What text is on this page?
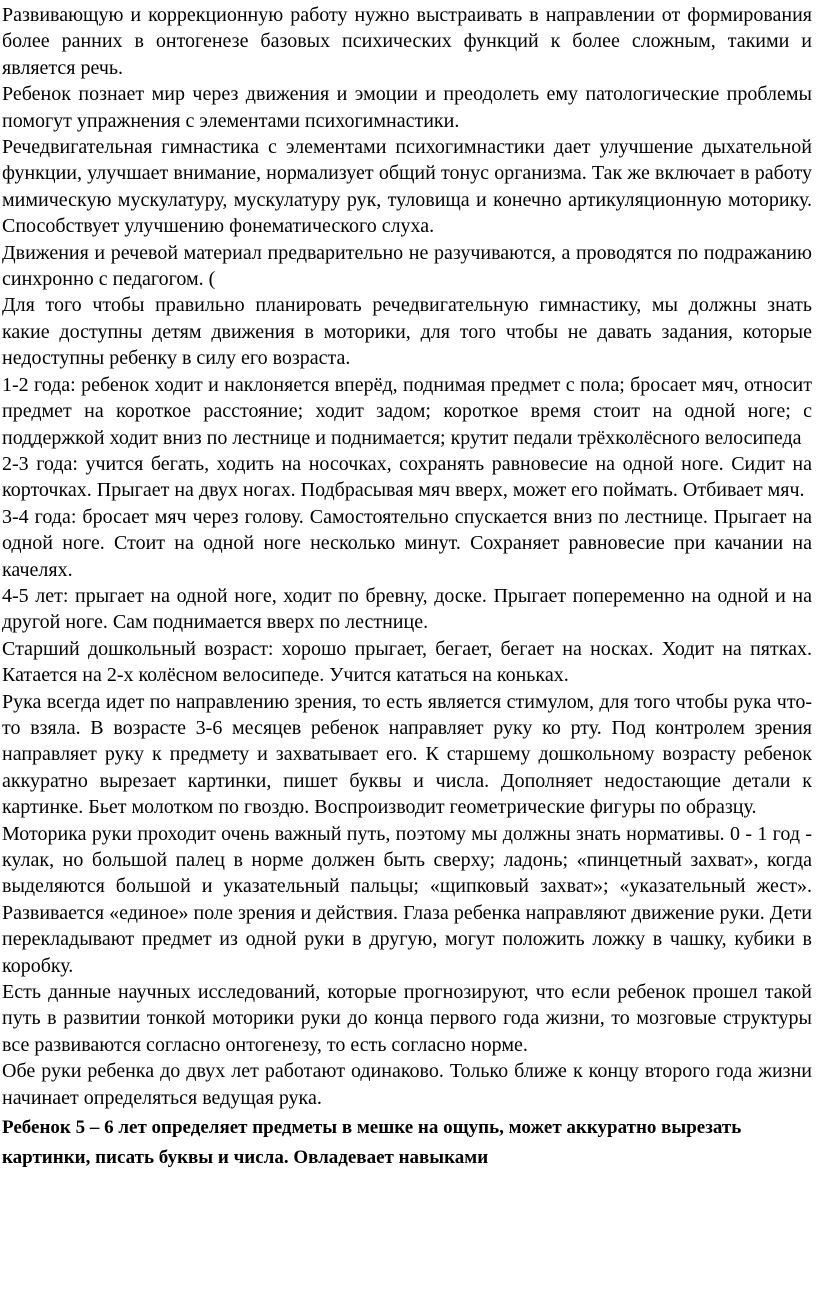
Развивающую и коррекционную работу нужно выстраивать в направлении от формирования более ранних в онтогенезе базовых психических функций к более сложным, такими и является речь.

Ребенок познает мир через движения и эмоции и преодолеть ему патологические проблемы помогут упражнения с элементами психогимнастики.

Речедвигательная гимнастика с элементами психогимнастики дает улучшение дыхательной функции, улучшает внимание, нормализует общий тонус организма. Так же включает в работу мимическую мускулатуру, мускулатуру рук, туловища и конечно артикуляционную моторику. Способствует улучшению фонематического слуха.

Движения и речевой материал предварительно не разучиваются, а проводятся по подражанию синхронно с педагогом. (

Для того чтобы правильно планировать речедвигательную гимнастику, мы должны знать какие доступны детям движения в моторики, для того чтобы не давать задания, которые недоступны ребенку в силу его возраста.

1-2 года: ребенок ходит и наклоняется вперёд, поднимая предмет с пола; бросает мяч, относит предмет на короткое расстояние; ходит задом; короткое время стоит на одной ноге; с поддержкой ходит вниз по лестнице и поднимается; крутит педали трёхколёсного велосипеда

2-3 года: учится бегать, ходить на носочках, сохранять равновесие на одной ноге. Сидит на корточках. Прыгает на двух ногах. Подбрасывая мяч вверх, может его поймать. Отбивает мяч.

3-4 года: бросает мяч через голову. Самостоятельно спускается вниз по лестнице. Прыгает на одной ноге. Стоит на одной ноге несколько минут. Сохраняет равновесие при качании на качелях.

4-5 лет: прыгает на одной ноге, ходит по бревну, доске. Прыгает попеременно на одной и на другой ноге. Сам поднимается вверх по лестнице.

Старший дошкольный возраст: хорошо прыгает, бегает, бегает на носках. Ходит на пятках. Катается на 2-х колёсном велосипеде. Учится кататься на коньках.

Рука всегда идет по направлению зрения, то есть является стимулом, для того чтобы рука что-то взяла. В возрасте 3-6 месяцев ребенок направляет руку ко рту. Под контролем зрения направляет руку к предмету и захватывает его. К старшему дошкольному возрасту ребенок аккуратно вырезает картинки, пишет буквы и числа. Дополняет недостающие детали к картинке. Бьет молотком по гвоздю. Воспроизводит геометрические фигуры по образцу.

Моторика руки проходит очень важный путь, поэтому мы должны знать нормативы. 0 - 1 год - кулак, но большой палец в норме должен быть сверху; ладонь; «пинцетный захват», когда выделяются большой и указательный пальцы; «щипковый захват»; «указательный жест». Развивается «единое» поле зрения и действия. Глаза ребенка направляют движение руки. Дети перекладывают предмет из одной руки в другую, могут положить ложку в чашку, кубики в коробку.

Есть данные научных исследований, которые прогнозируют, что если ребенок прошел такой путь в развитии тонкой моторики руки до конца первого года жизни, то мозговые структуры все развиваются согласно онтогенезу, то есть согласно норме.

Обе руки ребенка до двух лет работают одинаково. Только ближе к концу второго года жизни начинает определяться ведущая рука.

Ребенок 5 – 6 лет определяет предметы в мешке на ощупь, может аккуратно вырезать картинки, писать буквы и числа. Овладевает навыками
